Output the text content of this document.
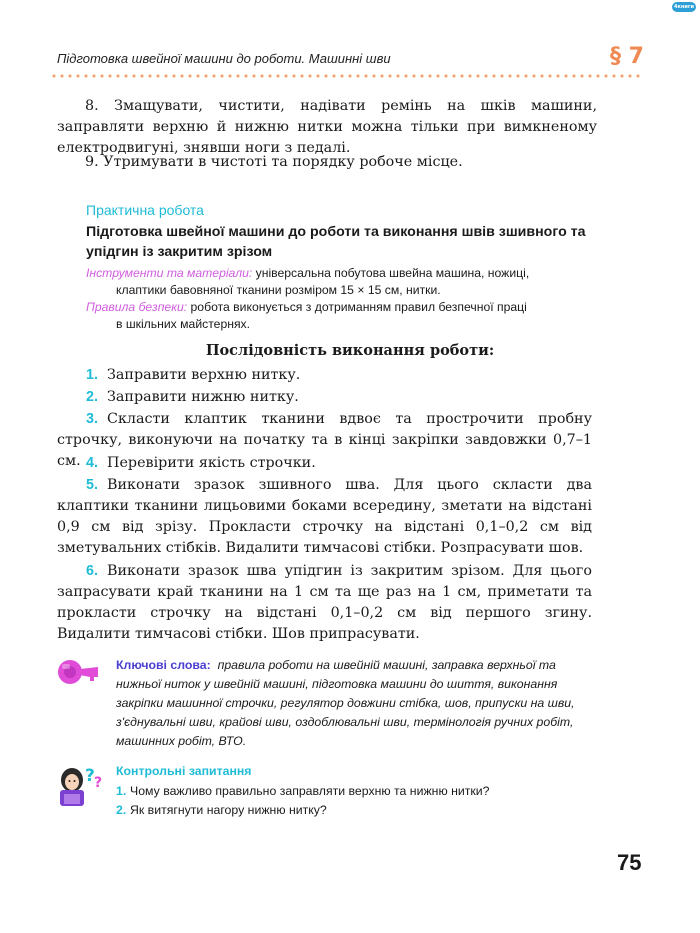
4книги
Підготовка швейної машини до роботи. Машинні шви	§ 7

8. Змащувати, чистити, надівати ремінь на шків машини, заправляти верхню й нижню нитки можна тільки при вимкненому електродвигуні, знявши ноги з педалі.

9. Утримувати в чистоті та порядку робоче місце.

Практична робота
Підготовка швейної машини до роботи та виконання швів зшивного та упідгин із закритим зрізом
Інструменти та матеріали: універсальна побутова швейна машина, ножиці,
клаптики бавовняної тканини розміром 15 × 15 см, нитки.
Правила безпеки: робота виконується з дотриманням правил безпечної праці
в шкільних майстернях.
Послідовність виконання роботи:
1. Заправити верхню нитку.
2. Заправити нижню нитку.
3. Скласти клаптик тканини вдвоє та прострочити пробну строчку, виконуючи на початку та в кінці закріпки завдовжки 0,7–1 см. 4. Перевірити якість строчки.
5. Виконати зразок зшивного шва. Для цього скласти два клаптики тканини лицьовими боками всередину, зметати на відстані 0,9 см від зрізу. Прокласти строчку на відстані 0,1–0,2 см від зметувальних стібків. Видалити тимчасові стібки. Розпрасувати шов.
6. Виконати зразок шва упідгин із закритим зрізом. Для цього запрасувати край тканини на 1 см та ще раз на 1 см, приметати та прокласти строчку на відстані 0,1–0,2 см від першого згину. Видалити тимчасові стібки. Шов припрасувати.
Ключові слова: правила роботи на швейній машині, заправка верхньої та нижньої ниток у швейній машині, підготовка машини до шиття, виконання закріпки машинної строчки, регулятор довжини стібка, шов, припуски на шви, з'єднувальні шви, крайові шви, оздоблювальні шви, термінологія ручних робіт, машинних робіт, ВТО.
? ?
Контрольні запитання
1. Чому важливо правильно заправляти верхню та нижню нитки?
2. Як витягнути нагору нижню нитку?
75
